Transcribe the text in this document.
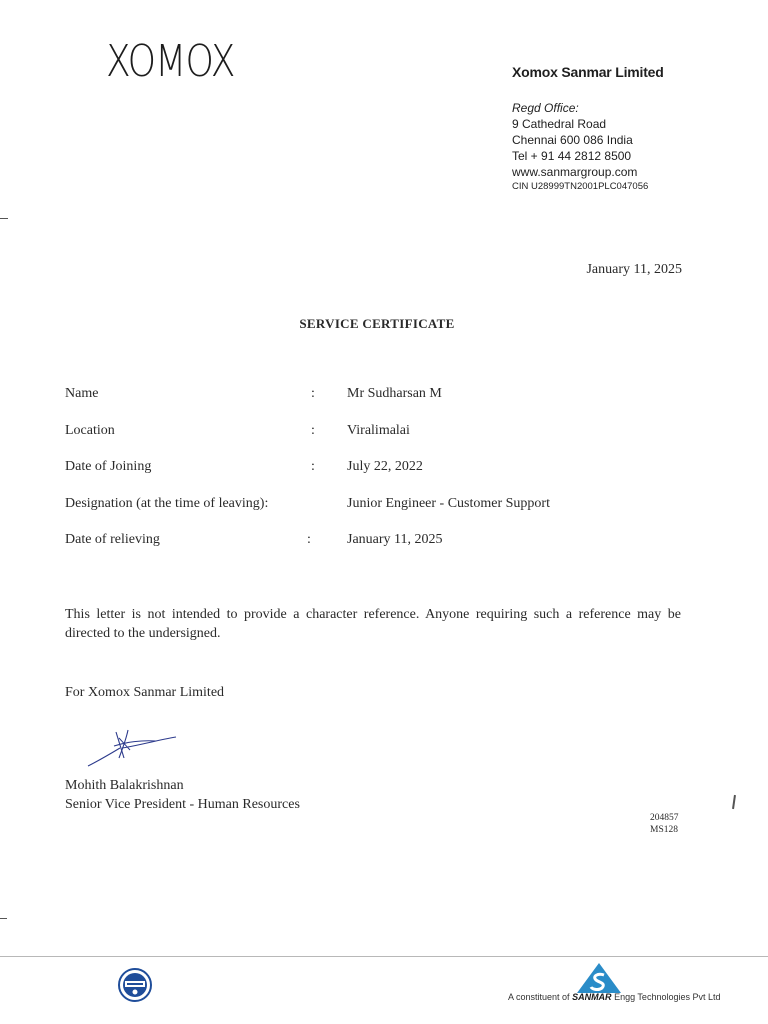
XOMOX	Xomox Sanmar Limited
Regd Office:
9 Cathedral Road
Chennai 600 086 India
Tel + 91 44 2812 8500
www.sanmargroup.com
CIN U28999TN2001PLC047056
January 11, 2025
SERVICE CERTIFICATE
Name	: Mr Sudharsan M
Location	: Viralimalai
Date of Joining	: July 22, 2022
Designation (at the time of leaving):	Junior Engineer - Customer Support
Date of relieving	:	January 11, 2025
This letter is not intended to provide a character reference. Anyone requiring such a reference may be directed to the undersigned.
For Xomox Sanmar Limited
Mohith Balakrishnan
Senior Vice President - Human Resources
204857
MS128
A constituent of SANMAR Engg Technologies Pvt Ltd
